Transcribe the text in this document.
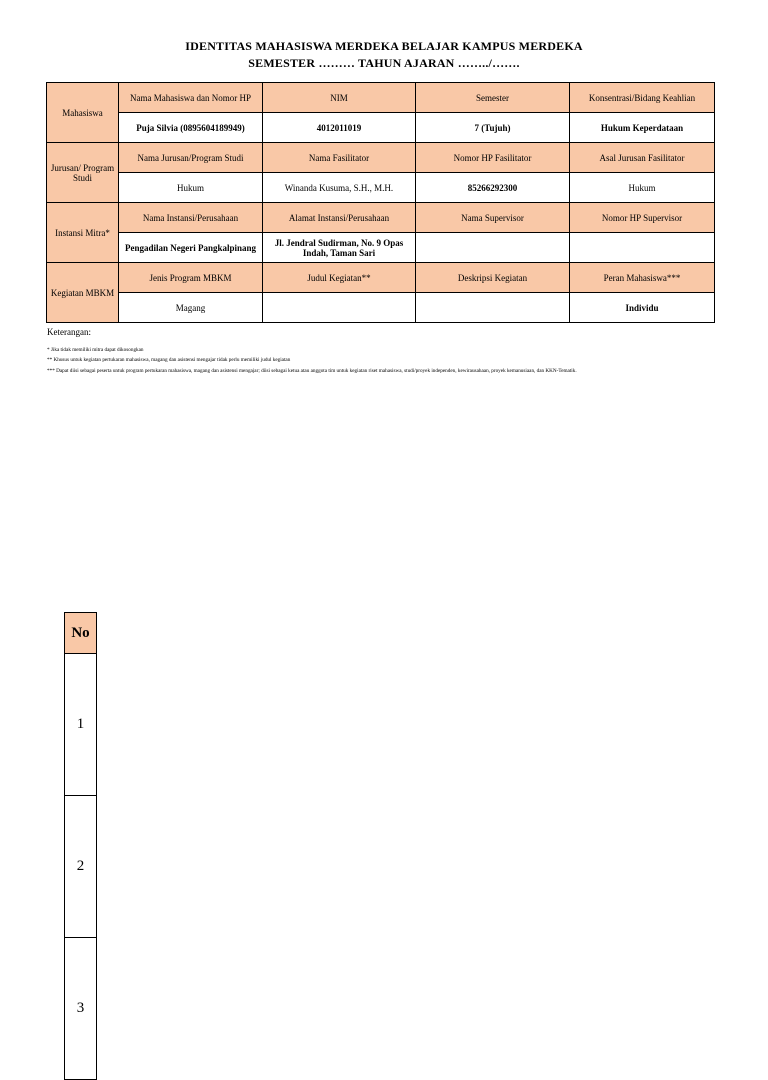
IDENTITAS MAHASISWA MERDEKA BELAJAR KAMPUS MERDEKA
SEMESTER ……… TAHUN AJARAN ……../…….
Mahasiswa	Nama Mahasiswa dan Nomor HP	NIM	Semester	Konsentrasi/Bidang Keahlian
	Puja Silvia (0895604189949)	4012011019	7 (Tujuh)	Hukum Keperdataan
Jurusan/ Program Studi	Nama Jurusan/Program Studi	Nama Fasilitator	Nomor HP Fasilitator	Asal Jurusan Fasilitator
	Hukum	Winanda Kusuma, S.H., M.H.	85266292300	Hukum
Instansi Mitra*	Nama Instansi/Perusahaan	Alamat Instansi/Perusahaan	Nama Supervisor	Nomor HP Supervisor
	Pengadilan Negeri Pangkalpinang	Jl. Jendral Sudirman, No. 9 Opas Indah, Taman Sari		
Kegiatan MBKM	Jenis Program MBKM	Judul Kegiatan**	Deskripsi Kegiatan	Peran Mahasiswa***
	Magang			Individu
Keterangan:
* Jika tidak memiliki mitra dapat dikosongkan
** Khusus untuk kegiatan pertukaran mahasiswa, magang dan asistensi mengajar tidak perlu memiliki judul kegiatan
*** Dapat diisi sebagai peserta untuk program pertukaran mahasiswa, magang dan asistensi mengajar; diisi sebagai ketua atau anggota tim untuk kegiatan riset mahasiswa, studi/proyek independen, kewirausahaan, proyek kemanusiaan, dan KKN-Tematik.
No
1
2
3
